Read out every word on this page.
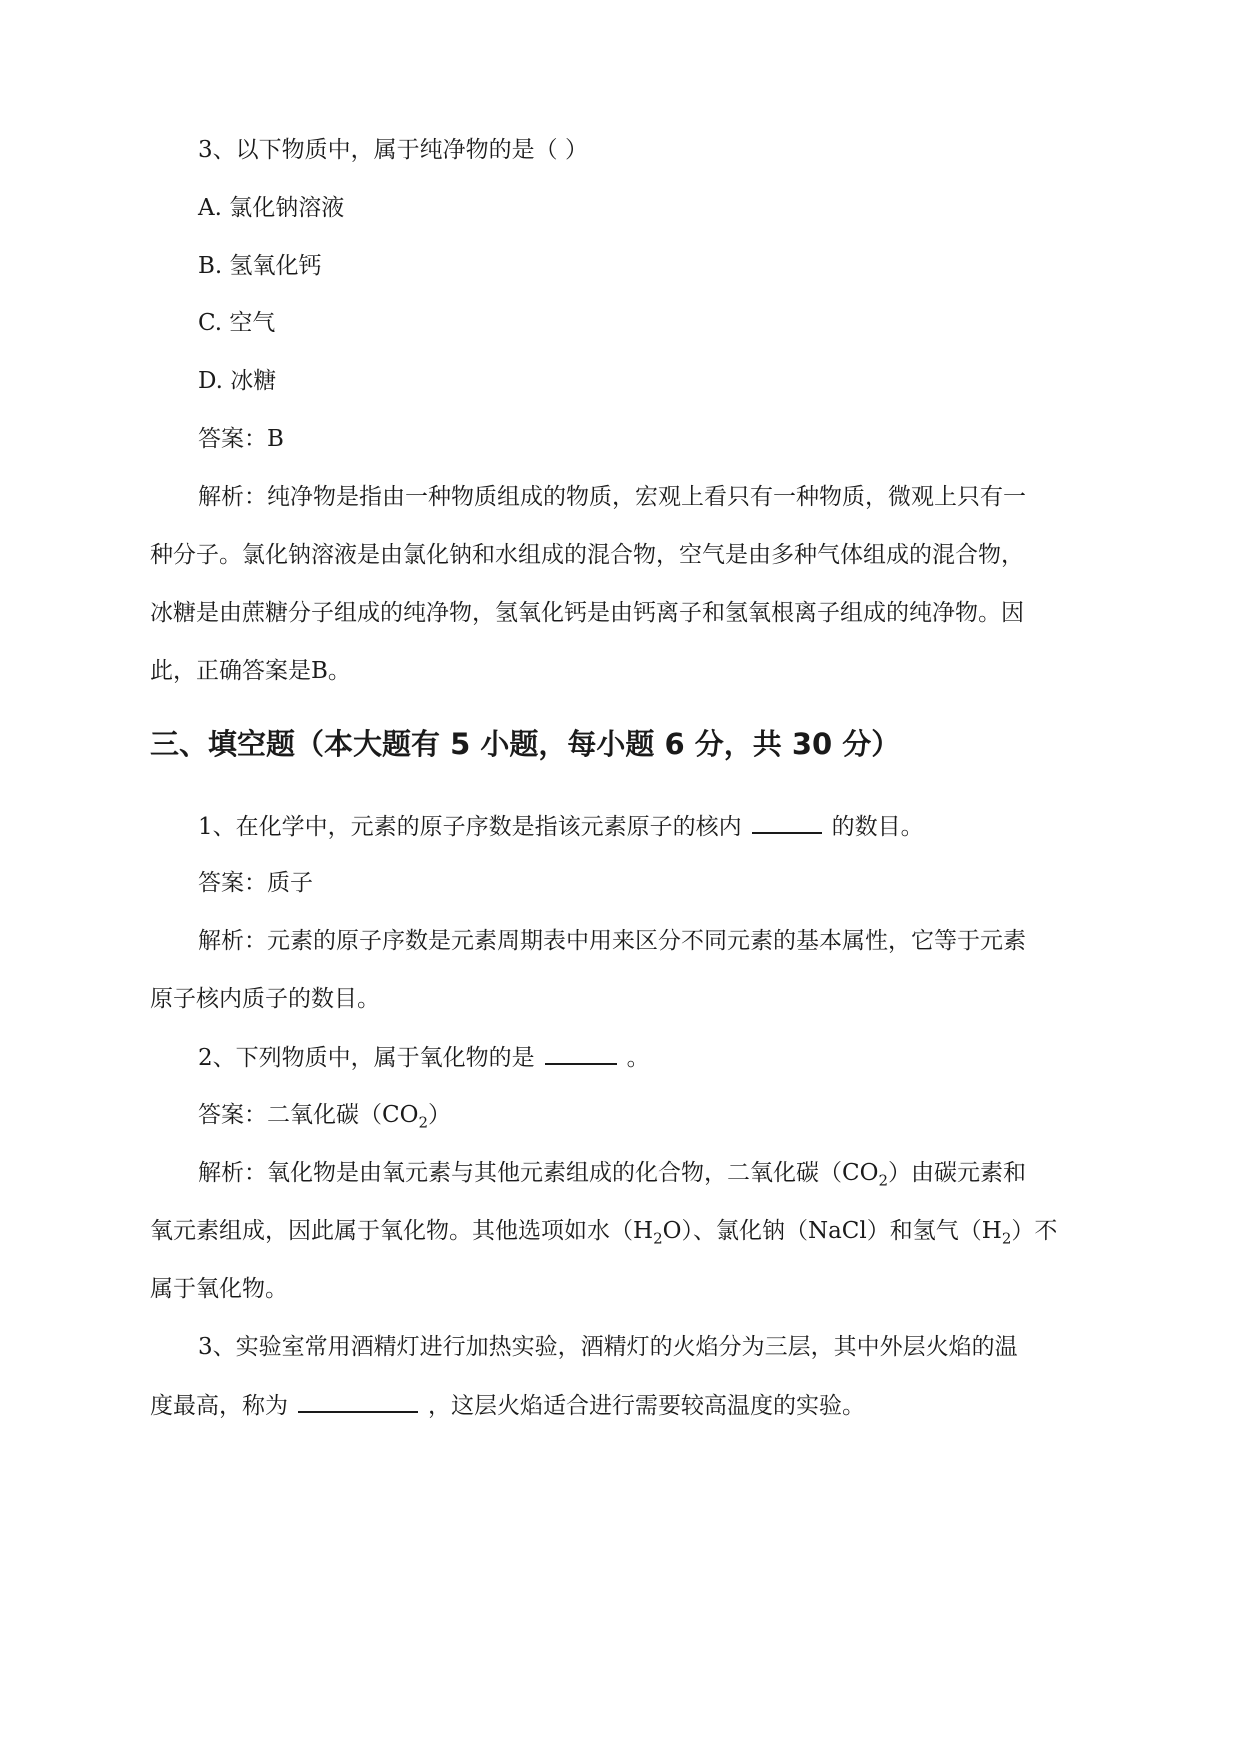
3、以下物质中，属于纯净物的是（ ）
A. 氯化钠溶液
B. 氢氧化钙
C. 空气
D. 冰糖
答案：B
解析：纯净物是指由一种物质组成的物质，宏观上看只有一种物质，微观上只有一
种分子。氯化钠溶液是由氯化钠和水组成的混合物，空气是由多种气体组成的混合物，
冰糖是由蔗糖分子组成的纯净物，氢氧化钙是由钙离子和氢氧根离子组成的纯净物。因
此，正确答案是B。
三、填空题（本大题有 5 小题，每小题 6 分，共 30 分）
1、在化学中，元素的原子序数是指该元素原子的核内	的数目。
答案：质子
解析：元素的原子序数是元素周期表中用来区分不同元素的基本属性，它等于元素
原子核内质子的数目。
2、下列物质中，属于氧化物的是	。
答案：二氧化碳$(CO_2)$
解析：氧化物是由氧元素与其他元素组成的化合物，二氧化碳$(CO_2)$由碳元素和
氧元素组成，因此属于氧化物。其他选项如水$(H_2O)$、氯化钠（NaCl）和氢气$(H_2)$不
属于氧化物。
3、实验室常用酒精灯进行加热实验，酒精灯的火焰分为三层，其中外层火焰的温
度最高，称为	，这层火焰适合进行需要较高温度的实验。
